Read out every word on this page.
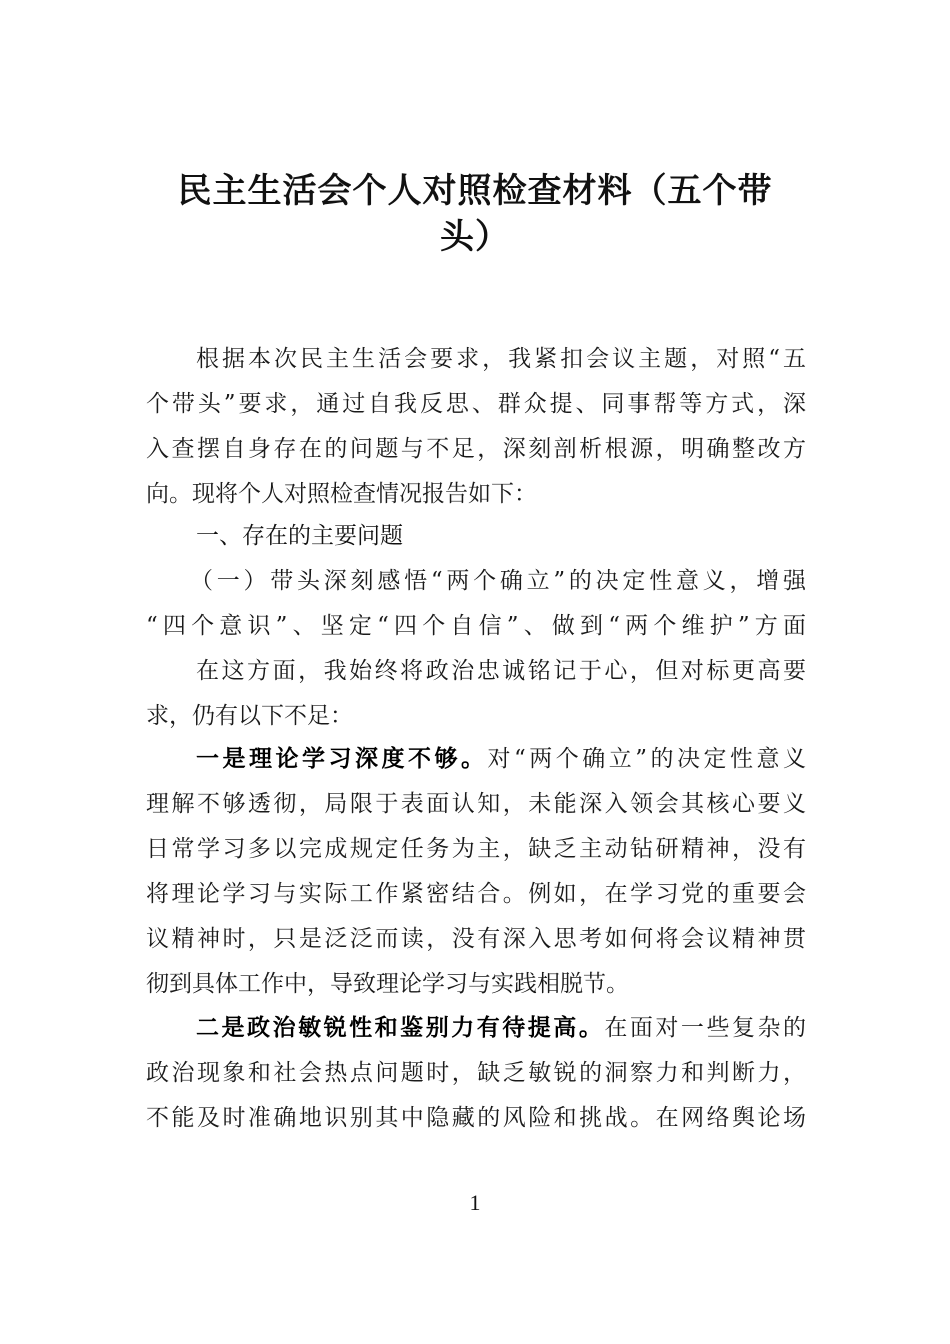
民主生活会个人对照检查材料（五个带
头）
根据本次民主生活会要求，我紧扣会议主题，对照“五
个带头”要求，通过自我反思、群众提、同事帮等方式，深
入查摆自身存在的问题与不足，深刻剖析根源，明确整改方
向。现将个人对照检查情况报告如下：
一、存在的主要问题
（一）带头深刻感悟“两个确立”的决定性意义，增强
“四个意识”、坚定“四个自信”、做到“两个维护”方面
在这方面，我始终将政治忠诚铭记于心，但对标更高要
求，仍有以下不足：
一是理论学习深度不够。对“两个确立”的决定性意义
理解不够透彻，局限于表面认知，未能深入领会其核心要义
日常学习多以完成规定任务为主，缺乏主动钻研精神，没有
将理论学习与实际工作紧密结合。例如，在学习党的重要会
议精神时，只是泛泛而读，没有深入思考如何将会议精神贯
彻到具体工作中，导致理论学习与实践相脱节。
二是政治敏锐性和鉴别力有待提高。在面对一些复杂的
政治现象和社会热点问题时，缺乏敏锐的洞察力和判断力，
不能及时准确地识别其中隐藏的风险和挑战。在网络舆论场
1
